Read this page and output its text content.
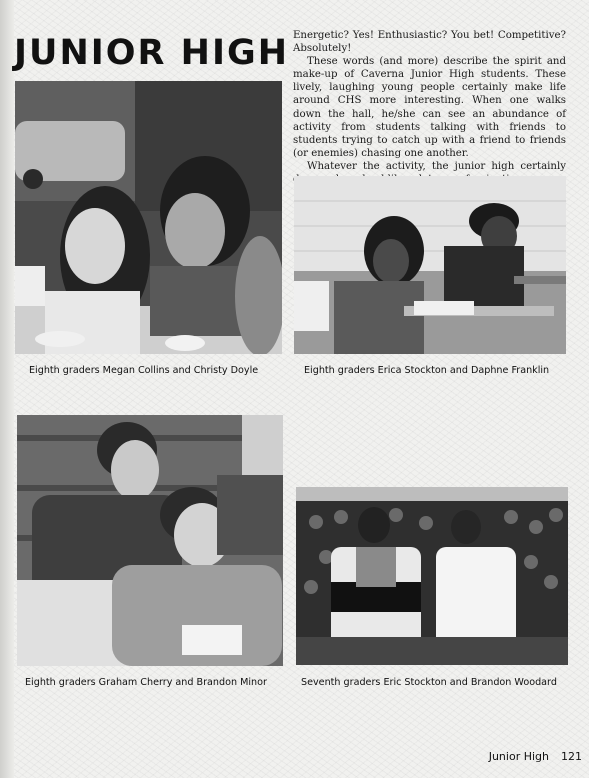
JUNIOR HIGH Energetic? Yes! Enthusiastic? You bet! Competitive? Absolutely!

These words (and more) describe the spirit and make-up of Caverna Junior High students. These lively, laughing young people certainly make life around CHS more interesting. When one walks down the hall, he/she can see an abundance of activity from students talking with friends to students trying to catch up with a friend to friends (or enemies) chasing one another.

Whatever the activity, the junior high certainly

Eighth graders Megan Collins and Christy Doyle	Eighth graders Erica Stockton and Daphne Franklin
Eighth graders Graham Cherry and Brandon Minor	Seventh graders Eric Stockton and Brandon Woodard
Junior High 121
